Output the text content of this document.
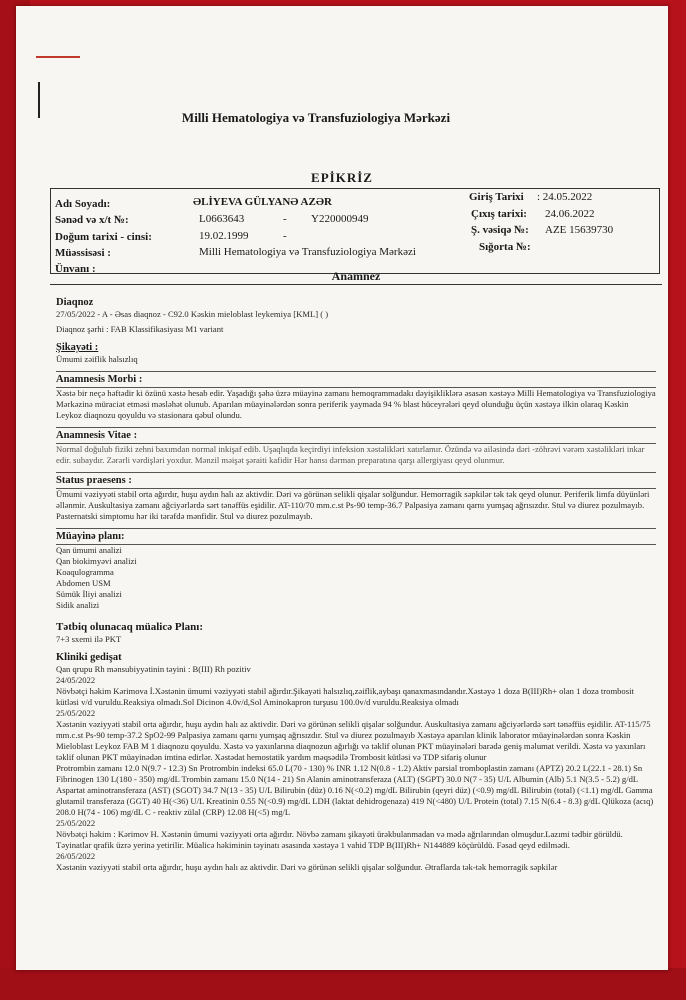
Milli Hematologiya və Transfuziologiya Mərkəzi
EPİKRİZ
Adı Soyadı:	ƏLİYEVA GÜLYANƏ AZƏR
Sənəd və x/t №:	L0663643	- Y220000949
Doğum tarixi - cinsi:	19.02.1999	-
Müəssisəsi :	Milli Hematologiya və Transfuziologiya Mərkəzi
Ünvanı :
Giriş Tarixi : 24.05.2022
Çıxış tarixi: 24.06.2022
Ş. vəsiqə №: AZE 15639730
Sığorta №:
Anamnez

Diaqnoz

27/05/2022 - A - Əsas diaqnoz - C92.0 Kəskin mieloblast leykemiya [KML] ( )

Diaqnoz şərhi : FAB Klassifikasiyası M1 variant

Şikayəti :

Ümumi zəiflik halsızlıq

Anamnesis Morbi :

Xəstə bir neçə həftədir ki özünü xəstə hesab edir. Yaşadığı şəhə üzrə müayinə zamanı hemoqrammadakı dəyişikliklərə əsasən xəstəyə Milli Hematologiya və Transfuziologiya Mərkəzinə müraciət etməsi məsləhət olunub. Aparılan müayinələrdən sonra periferik yaymada 94 % blast hüceyrələri qeyd olunduğu üçün xəstəyə ilkin olaraq Kəskin Leykoz diaqnozu qoyuldu və stasionara qəbul olundu.

Anamnesis Vitae :

Normal doğulub fiziki zehni baxımdan normal inkişaf edib. Uşaqlıqda keçirdiyi infeksion xəstəlikləri xatırlamır. Özündə və ailəsində dəri -zöhrəvi vərəm xəstəlikləri inkar edir. subaydır. Zərərli vərdişləri yoxdur. Mənzil məişət şəraiti kafidir Hər hansı dərman preparatına qarşı allergiyası qeyd olunmur.

Status praesens :

Ümumi vəziyyəti stabil orta ağırdır, huşu aydın halı az aktivdir. Dəri və görünən selikli qişalar solğundur. Hemorragik səpkilər tək tək qeyd olunur. Periferik limfa düyünləri əllənmir. Auskultasiya zamanı ağciyərlərdə sərt tənəffüs eşidilir. AT-110/70 mm.c.st Ps-90 temp-36.7 Palpasiya zamanı qarnı yumşaq ağrısızdır. Stul və diurez pozulmayıb. Pasternatski simptomu hər iki tərəfdə mənfidir. Stul və diurez pozulmayıb.

Müayinə planı:

Qan ümumi analizi

Qan biokimyəvi analizi

Koaqulogramma

Abdomen USM

Sümük İliyi analizi

Sidik analizi

Tətbiq olunacaq müalicə Planı:

7+3 sxemi ilə PKT

Kliniki gedişat

Qan qrupu Rh mənsubiyyətinin təyini : B(III) Rh pozitiv

24/05/2022

Növbətçi həkim Kərimova İ.Xəstənin ümumi vəziyyəti stabil ağırdır.Şikayəti halsızlıq,zəiflik,aybaşı qanaxmasındandır.Xəstəyə 1 doza B(III)Rh+ olan 1 doza trombosit kütləsi v/d vuruldu.Reaksiya olmadı.Sol Dicinon 4.0v/d,Sol Aminokapron turşusu 100.0v/d vuruldu.Reaksiya olmadı

25/05/2022

Xəstənin vəziyyəti stabil orta ağırdır, huşu aydın halı az aktivdir. Dəri və görünən selikli qişalar solğundur. Auskultasiya zamanı ağciyərlərdə sərt tənəffüs eşidilir. AT-115/75 mm.c.st Ps-90 temp-37.2 SpO2-99 Palpasiya zamanı qarnı yumşaq ağrısızdır. Stul və diurez pozulmayıb Xəstəyə aparılan klinik laborator müayinələrdən sonra Kəskin Mieloblast Leykoz FAB M 1 diaqnozu qoyuldu. Xəstə və yaxınlarına diaqnozun ağırlığı və təklif olunan PKT müayinələri barədə geniş məlumat verildi. Xəstə və yaxınları təklif olunan PKT müayinədən imtina edirlər. Xəstədat hemostatik yardım məqsədilə Trombosit kütləsi və TDP sifariş olunur

Protrombin zamanı 12.0 N(9.7 - 12.3) Sn Protrombin indeksi 65.0 L(70 - 130) % INR 1.12 N(0.8 - 1.2) Aktiv parsial tromboplastin zamanı (APTZ) 20.2 L(22.1 - 28.1) Sn Fibrinogen 130 L(180 - 350) mg/dL Trombin zamanı 15.0 N(14 - 21) Sn Alanin aminotransferaza (ALT) (SGPT) 30.0 N(7 - 35) U/L Albumin (Alb) 5.1 N(3.5 - 5.2) g/dL Aspartat aminotransferaza (AST) (SGOT) 34.7 N(13 - 35) U/L Bilirubin (düz) 0.16 N(<0.2) mg/dL Bilirubin (qeyri düz) (<0.9) mg/dL Bilirubin (total) (<1.1) mg/dL Gamma glutamil transferaza (GGT) 40 H(<36) U/L Kreatinin 0.55 N(<0.9) mg/dL LDH (laktat dehidrogenaza) 419 N(<480) U/L Protein (total) 7.15 N(6.4 - 8.3) g/dL Qlükoza (acıq) 208.0 H(74 - 106) mg/dL C - reaktiv zülal (CRP) 12.08 H(<5) mg/L

25/05/2022

Növbətçi həkim : Kərimov H. Xəstənin ümumi vəziyyəti orta ağırdır. Növbə zamanı şikayəti ürəkbulanmadan və mədə ağrılarından olmuşdur.Lazımi tədbir görüldü. Təyinatlar qrafik üzrə yerinə yetirilir. Müalicə həkiminin təyinatı əsasında xəstəyə 1 vahid TDP B(III)Rh+ N144889 köçürüldü. Fəsad qeyd edilmədi.

26/05/2022

Xəstənin vəziyyəti stabil orta ağırdır, huşu aydın halı az aktivdir. Dəri və görünən selikli qişalar solğundur. Ətraflarda tək-tək hemorragik səpkilər
